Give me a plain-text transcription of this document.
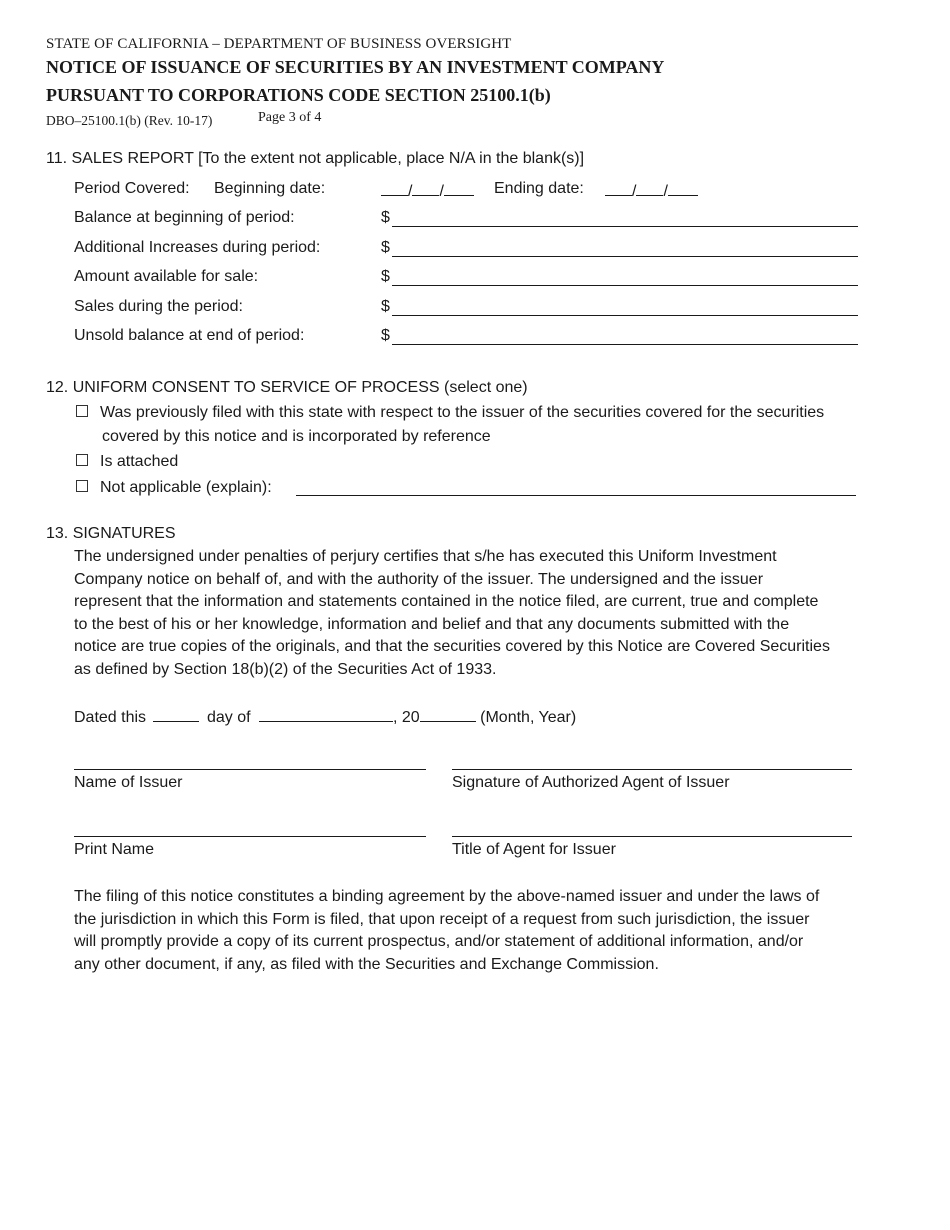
STATE OF CALIFORNIA – DEPARTMENT OF BUSINESS OVERSIGHT
NOTICE OF ISSUANCE OF SECURITIES BY AN INVESTMENT COMPANY
PURSUANT TO CORPORATIONS CODE SECTION 25100.1(b)
DBO–25100.1(b) (Rev. 10-17)	Page 3 of 4
11. SALES REPORT [To the extent not applicable, place N/A in the blank(s)]
Period Covered: Beginning date:	/ /	Ending date:	/ /
Balance at beginning of period:	$
Additional Increases during period:	$
Amount available for sale:	$
Sales during the period:	$
Unsold balance at end of period:	$
12. UNIFORM CONSENT TO SERVICE OF PROCESS (select one)
Was previously filed with this state with respect to the issuer of the securities covered for the securities
covered by this notice and is incorporated by reference
Is attached
Not applicable (explain):
13. SIGNATURES
The undersigned under penalties of perjury certifies that s/he has executed this Uniform Investment
Company notice on behalf of, and with the authority of the issuer. The undersigned and the issuer
represent that the information and statements contained in the notice filed, are current, true and complete
to the best of his or her knowledge, information and belief and that any documents submitted with the
notice are true copies of the originals, and that the securities covered by this Notice are Covered Securities
as defined by Section 18(b)(2) of the Securities Act of 1933.
Dated this	day of	, 20	(Month, Year)
Name of Issuer	Signature of Authorized Agent of Issuer
Print Name	Title of Agent for Issuer
The filing of this notice constitutes a binding agreement by the above-named issuer and under the laws of
the jurisdiction in which this Form is filed, that upon receipt of a request from such jurisdiction, the issuer
will promptly provide a copy of its current prospectus, and/or statement of additional information, and/or
any other document, if any, as filed with the Securities and Exchange Commission.
